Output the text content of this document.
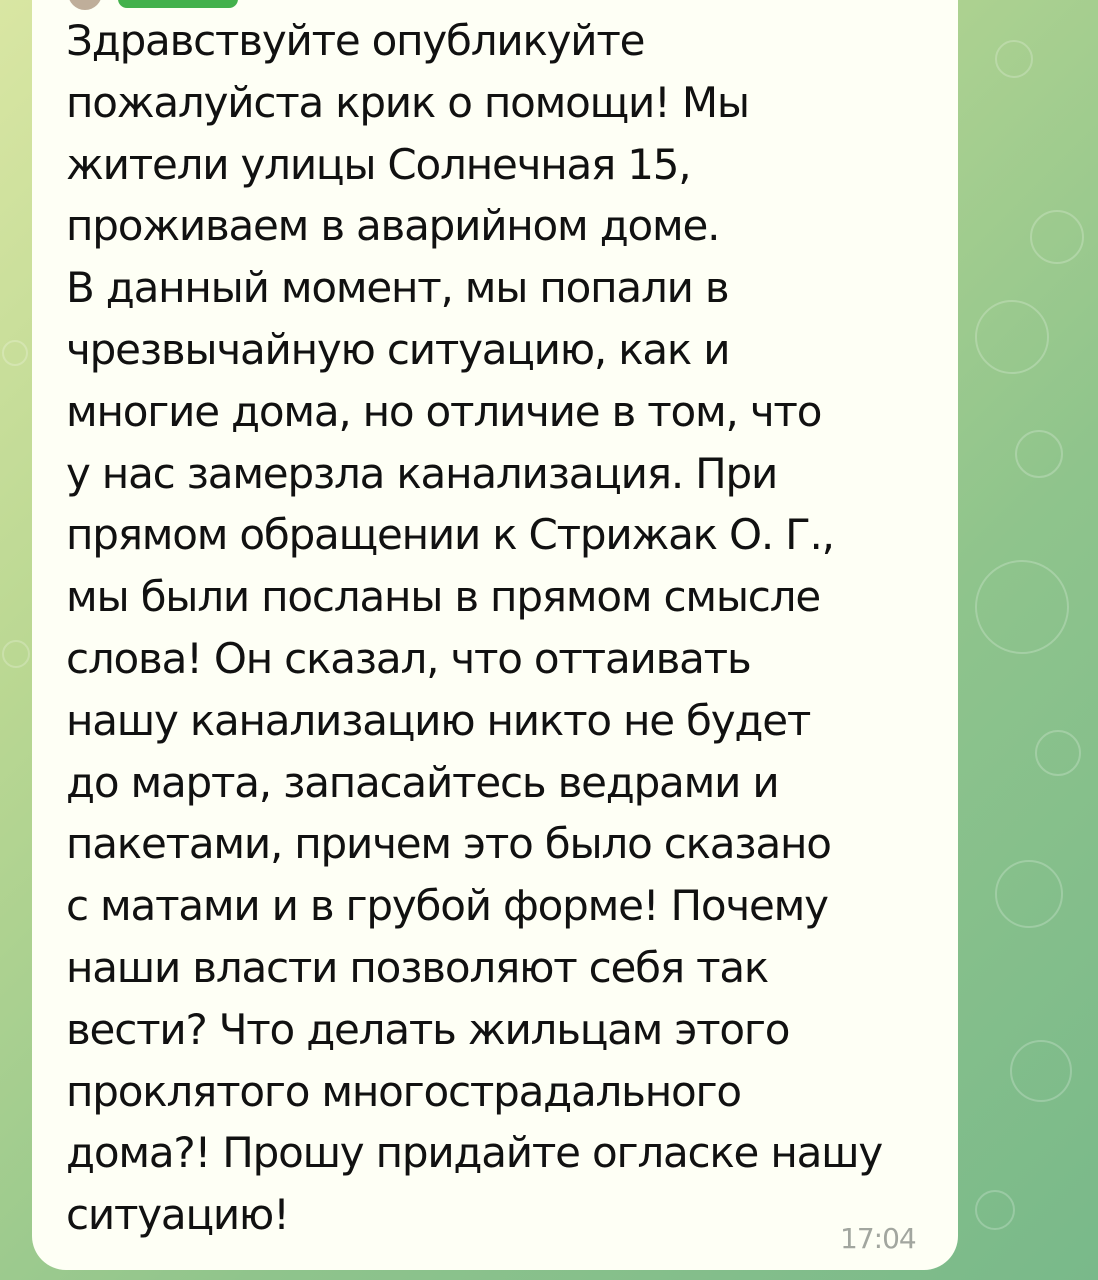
Здравствуйте опубликуйте
пожалуйста крик о помощи! Мы
жители улицы Солнечная 15,
проживаем в аварийном доме.
В данный момент, мы попали в
чрезвычайную ситуацию, как и
многие дома, но отличие в том, что
у нас замерзла канализация. При
прямом обращении к Стрижак О. Г.,
мы были посланы в прямом смысле
слова! Он сказал, что оттаивать
нашу канализацию никто не будет
до марта, запасайтесь ведрами и
пакетами, причем это было сказано
с матами и в грубой форме! Почему
наши власти позволяют себя так
вести? Что делать жильцам этого
проклятого многострадального
дома?! Прошу придайте огласке нашу
ситуацию!	17:04
